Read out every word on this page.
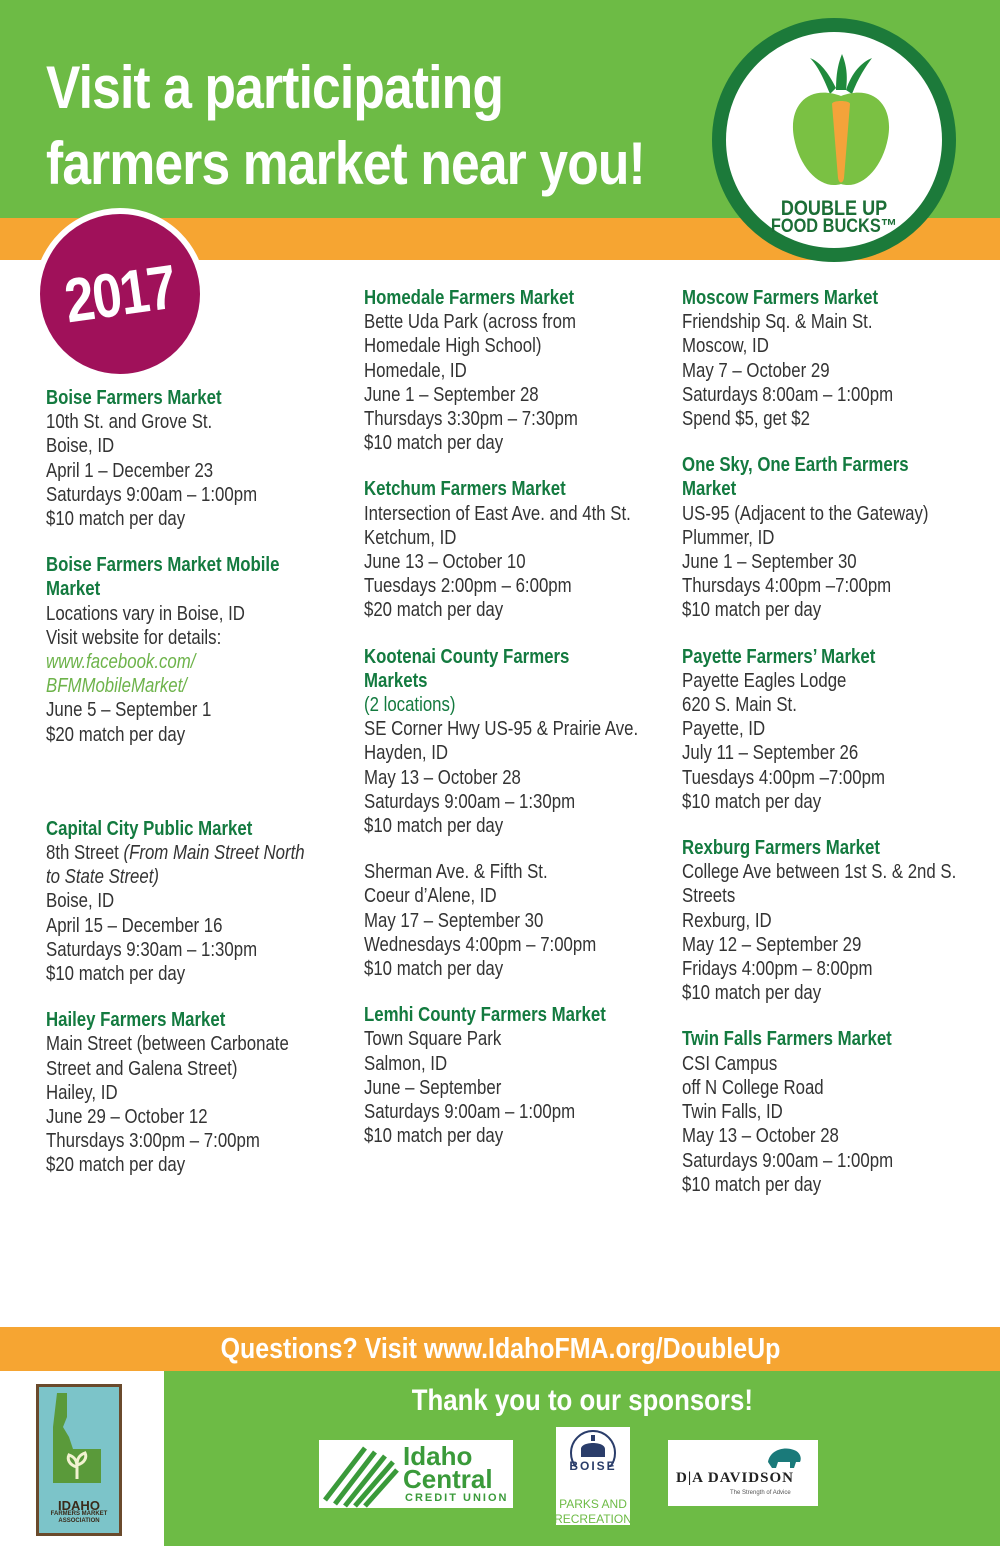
Visit a participating
farmers market near you!
2017
DOUBLE UP
FOOD BUCKS™
Boise Farmers Market
10th St. and Grove St.
Boise, ID
April 1 – December 23
Saturdays 9:00am – 1:00pm
$10 match per day
Boise Farmers Market Mobile Market
Locations vary in Boise, ID
Visit website for details:
www.facebook.com/
BFMMobileMarket/
June 5 – September 1
$20 match per day
Capital City Public Market
8th Street (From Main Street North to State Street)
Boise, ID
April 15 – December 16
Saturdays 9:30am – 1:30pm
$10 match per day
Hailey Farmers Market
Main Street (between Carbonate
Street and Galena Street)
Hailey, ID
June 29 – October 12
Thursdays 3:00pm – 7:00pm
$20 match per day
Homedale Farmers Market
Bette Uda Park (across from
Homedale High School)
Homedale, ID
June 1 – September 28
Thursdays 3:30pm – 7:30pm
$10 match per day
Ketchum Farmers Market
Intersection of East Ave. and 4th St.
Ketchum, ID
June 13 – October 10
Tuesdays 2:00pm – 6:00pm
$20 match per day
Kootenai County Farmers
Markets
(2 locations)
SE Corner Hwy US-95 & Prairie Ave.
Hayden, ID
May 13 – October 28
Saturdays 9:00am – 1:30pm
$10 match per day
Sherman Ave. & Fifth St.
Coeur d’Alene, ID
May 17 – September 30
Wednesdays 4:00pm – 7:00pm
$10 match per day
Lemhi County Farmers Market
Town Square Park
Salmon, ID
June – September
Saturdays 9:00am – 1:00pm
$10 match per day
Moscow Farmers Market
Friendship Sq. & Main St.
Moscow, ID
May 7 – October 29
Saturdays 8:00am – 1:00pm
Spend $5, get $2
One Sky, One Earth Farmers
Market
US-95 (Adjacent to the Gateway)
Plummer, ID
June 1 – September 30
Thursdays 4:00pm –7:00pm
$10 match per day
Payette Farmers’ Market
Payette Eagles Lodge
620 S. Main St.
Payette, ID
July 11 – September 26
Tuesdays 4:00pm –7:00pm
$10 match per day
Rexburg Farmers Market
College Ave between 1st S. & 2nd S.
Streets
Rexburg, ID
May 12 – September 29
Fridays 4:00pm – 8:00pm
$10 match per day
Twin Falls Farmers Market
CSI Campus
off N College Road
Twin Falls, ID
May 13 – October 28
Saturdays 9:00am – 1:00pm
$10 match per day
Questions? Visit www.IdahoFMA.org/DoubleUp
IDAHO
FARMERS MARKET
ASSOCIATION
Thank you to our sponsors!
Idaho
Central
CREDIT UNION
BOISE
PARKS AND
RECREATION
D|A DAVIDSON
The Strength of Advice
